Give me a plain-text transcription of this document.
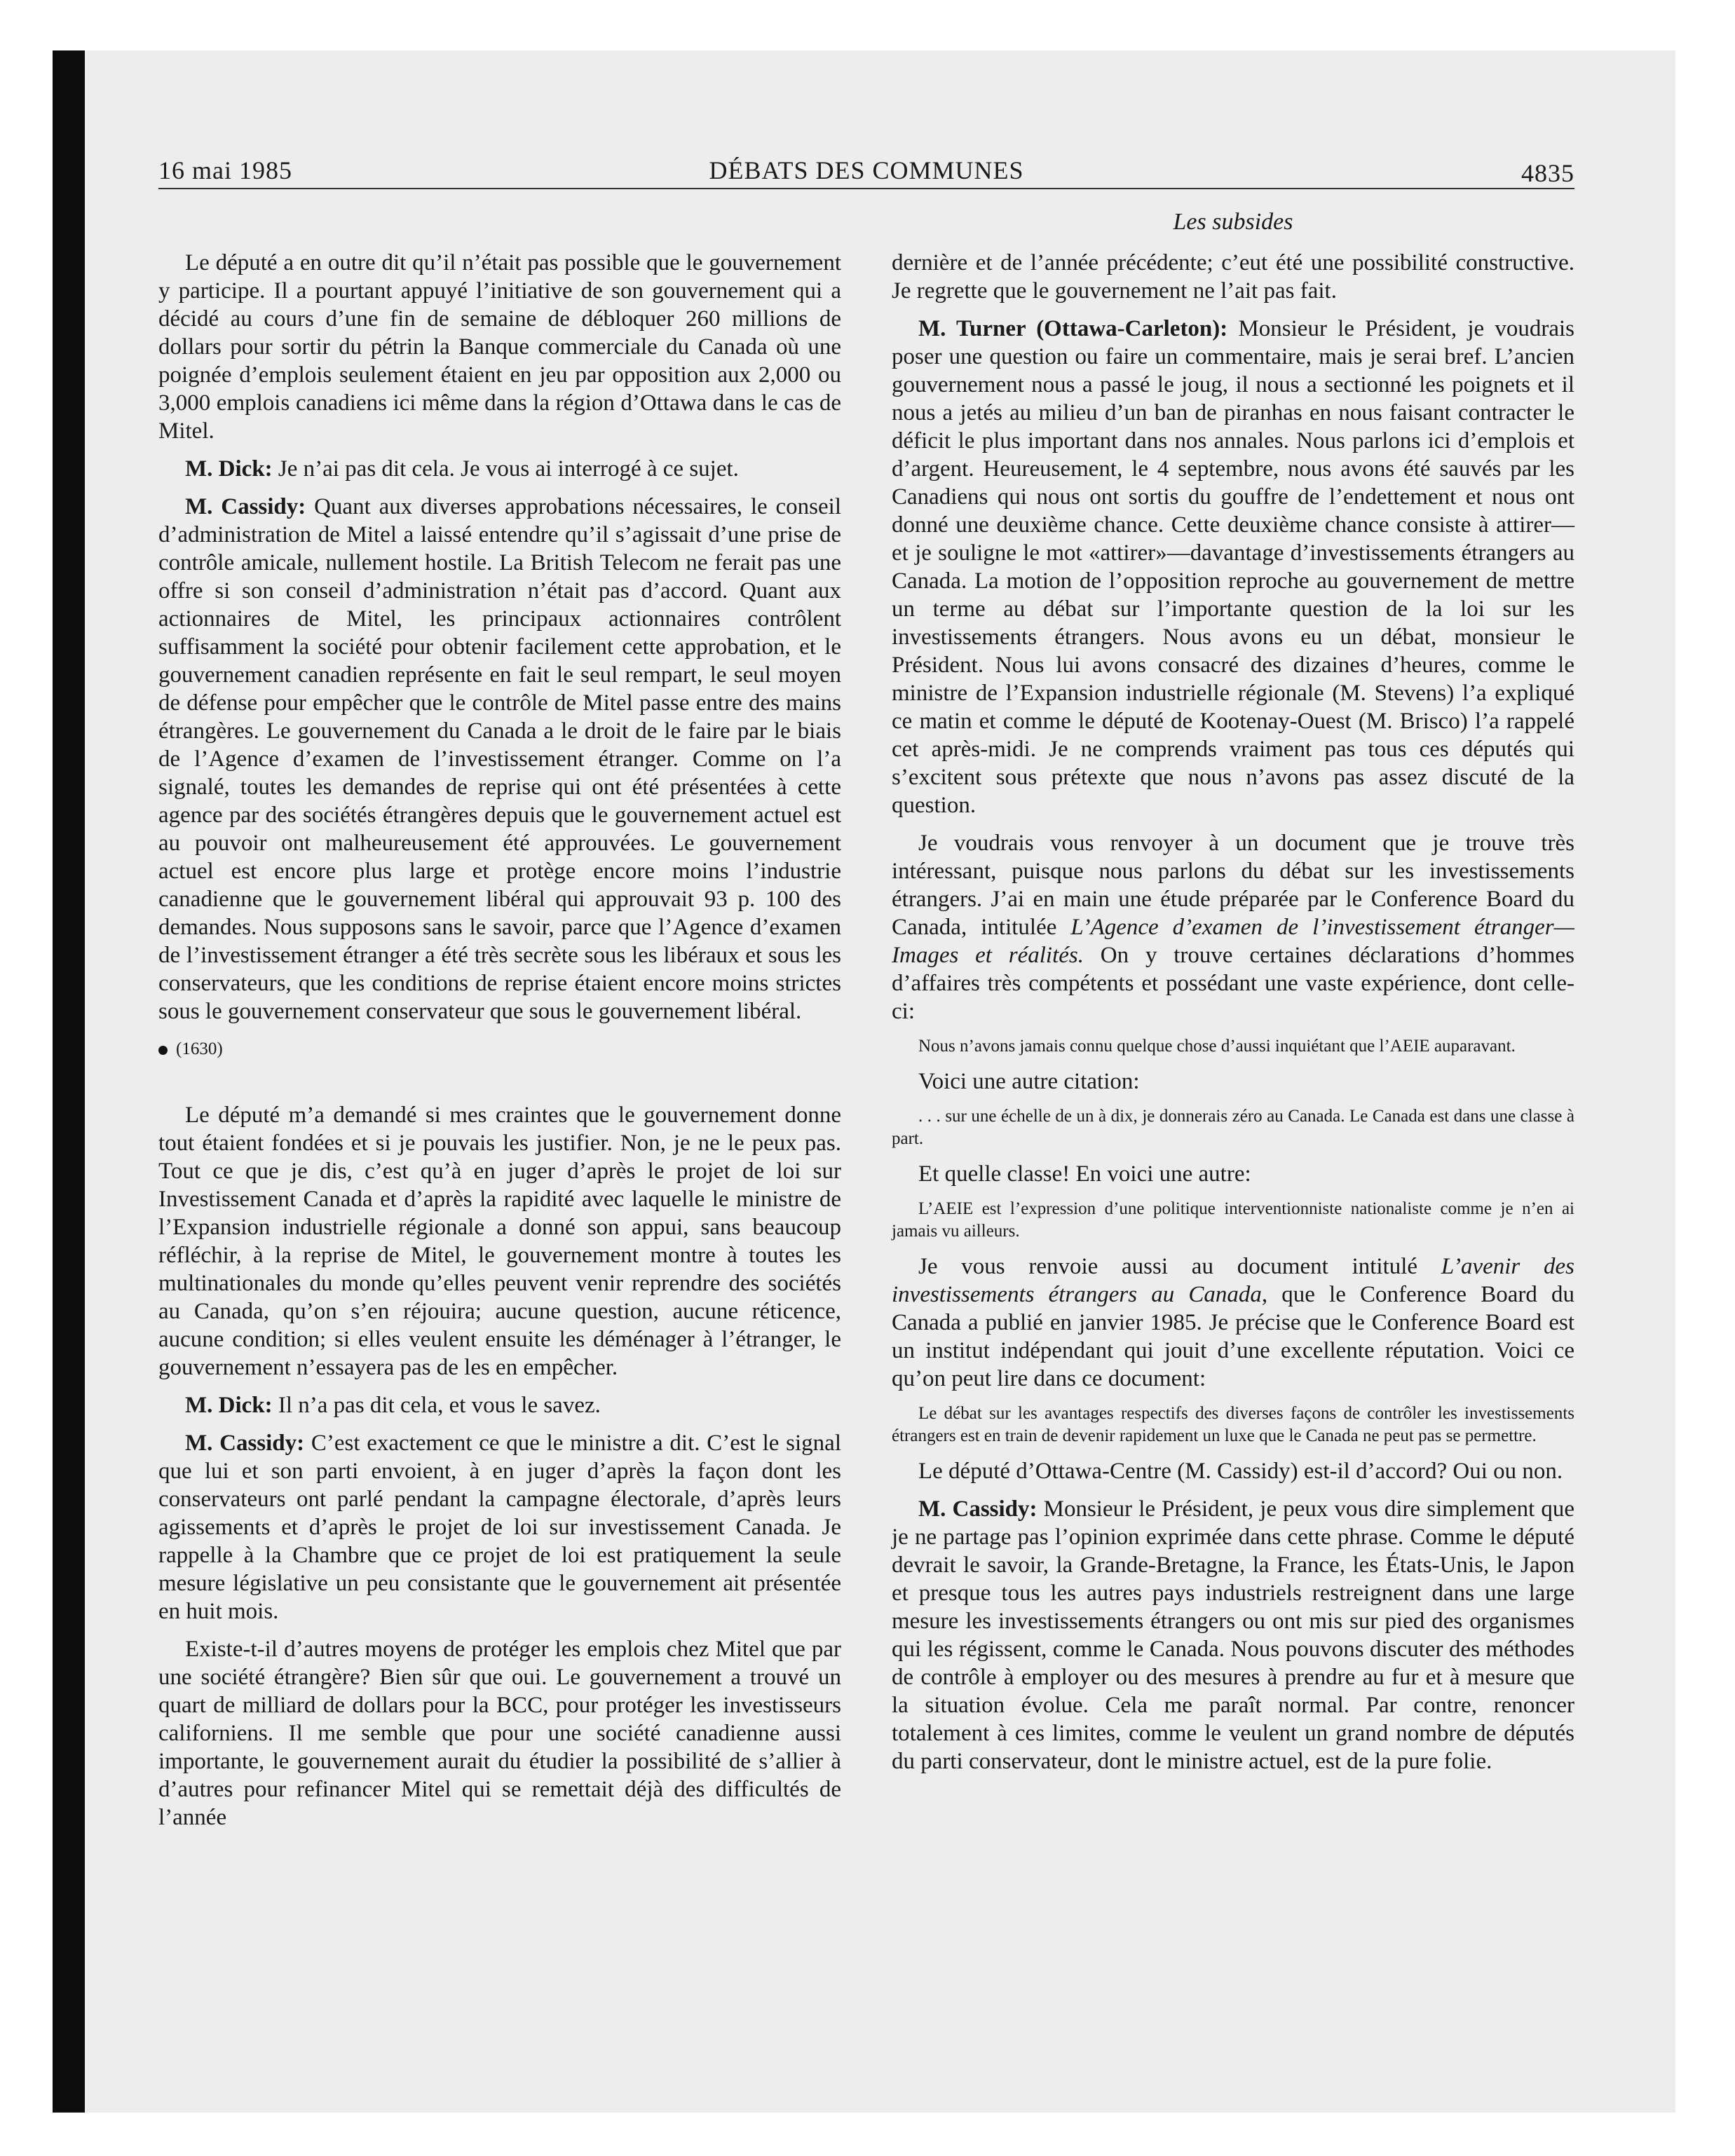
16 mai 1985	DÉBATS DES COMMUNES	4835
Les subsides

Le député a en outre dit qu’il n’était pas possible que le gouvernement y participe. Il a pourtant appuyé l’initiative de son gouvernement qui a décidé au cours d’une fin de semaine de débloquer 260 millions de dollars pour sortir du pétrin la Banque commerciale du Canada où une poignée d’emplois seulement étaient en jeu par opposition aux 2,000 ou 3,000 emplois canadiens ici même dans la région d’Ottawa dans le cas de Mitel.

M. Dick: Je n’ai pas dit cela. Je vous ai interrogé à ce sujet.

M. Cassidy: Quant aux diverses approbations nécessaires, le conseil d’administration de Mitel a laissé entendre qu’il s’agissait d’une prise de contrôle amicale, nullement hostile. La British Telecom ne ferait pas une offre si son conseil d’administration n’était pas d’accord. Quant aux actionnaires de Mitel, les principaux actionnaires contrôlent suffisamment la société pour obtenir facilement cette approbation, et le gouvernement canadien représente en fait le seul rempart, le seul moyen de défense pour empêcher que le contrôle de Mitel passe entre des mains étrangères. Le gouvernement du Canada a le droit de le faire par le biais de l’Agence d’examen de l’investissement étranger. Comme on l’a signalé, toutes les demandes de reprise qui ont été présentées à cette agence par des sociétés étrangères depuis que le gouvernement actuel est au pouvoir ont malheureusement été approuvées. Le gouvernement actuel est encore plus large et protège encore moins l’industrie canadienne que le gouvernement libéral qui approuvait 93 p. 100 des demandes. Nous supposons sans le savoir, parce que l’Agence d’examen de l’investissement étranger a été très secrète sous les libéraux et sous les conservateurs, que les conditions de reprise étaient encore moins strictes sous le gouvernement conservateur que sous le gouvernement libéral.

(1630)

Le député m’a demandé si mes craintes que le gouvernement donne tout étaient fondées et si je pouvais les justifier. Non, je ne le peux pas. Tout ce que je dis, c’est qu’à en juger d’après le projet de loi sur Investissement Canada et d’après la rapidité avec laquelle le ministre de l’Expansion industrielle régionale a donné son appui, sans beaucoup réfléchir, à la reprise de Mitel, le gouvernement montre à toutes les multinationales du monde qu’elles peuvent venir reprendre des sociétés au Canada, qu’on s’en réjouira; aucune question, aucune réticence, aucune condition; si elles veulent ensuite les déménager à l’étranger, le gouvernement n’essayera pas de les en empêcher.

M. Dick: Il n’a pas dit cela, et vous le savez.

M. Cassidy: C’est exactement ce que le ministre a dit. C’est le signal que lui et son parti envoient, à en juger d’après la façon dont les conservateurs ont parlé pendant la campagne électorale, d’après leurs agissements et d’après le projet de loi sur investissement Canada. Je rappelle à la Chambre que ce projet de loi est pratiquement la seule mesure législative un peu consistante que le gouvernement ait présentée en huit mois.

Existe-t-il d’autres moyens de protéger les emplois chez Mitel que par une société étrangère? Bien sûr que oui. Le gouvernement a trouvé un quart de milliard de dollars pour la BCC, pour protéger les investisseurs californiens. Il me semble que pour une société canadienne aussi importante, le gouvernement aurait du étudier la possibilité de s’allier à d’autres pour refinancer Mitel qui se remettait déjà des difficultés de l’année

dernière et de l’année précédente; c’eut été une possibilité constructive. Je regrette que le gouvernement ne l’ait pas fait.

M. Turner (Ottawa-Carleton): Monsieur le Président, je voudrais poser une question ou faire un commentaire, mais je serai bref. L’ancien gouvernement nous a passé le joug, il nous a sectionné les poignets et il nous a jetés au milieu d’un ban de piranhas en nous faisant contracter le déficit le plus important dans nos annales. Nous parlons ici d’emplois et d’argent. Heureusement, le 4 septembre, nous avons été sauvés par les Canadiens qui nous ont sortis du gouffre de l’endettement et nous ont donné une deuxième chance. Cette deuxième chance consiste à attirer—et je souligne le mot «attirer»—davantage d’investissements étrangers au Canada. La motion de l’opposition reproche au gouvernement de mettre un terme au débat sur l’importante question de la loi sur les investissements étrangers. Nous avons eu un débat, monsieur le Président. Nous lui avons consacré des dizaines d’heures, comme le ministre de l’Expansion industrielle régionale (M. Stevens) l’a expliqué ce matin et comme le député de Kootenay-Ouest (M. Brisco) l’a rappelé cet après-midi. Je ne comprends vraiment pas tous ces députés qui s’excitent sous prétexte que nous n’avons pas assez discuté de la question.

Je voudrais vous renvoyer à un document que je trouve très intéressant, puisque nous parlons du débat sur les investissements étrangers. J’ai en main une étude préparée par le Conference Board du Canada, intitulée L’Agence d’examen de l’investissement étranger—Images et réalités. On y trouve certaines déclarations d’hommes d’affaires très compétents et possédant une vaste expérience, dont celle-ci:

Nous n’avons jamais connu quelque chose d’aussi inquiétant que l’AEIE auparavant.

Voici une autre citation:

. . . sur une échelle de un à dix, je donnerais zéro au Canada. Le Canada est dans une classe à part.

Et quelle classe! En voici une autre:

L’AEIE est l’expression d’une politique interventionniste nationaliste comme je n’en ai jamais vu ailleurs.

Je vous renvoie aussi au document intitulé L’avenir des investissements étrangers au Canada, que le Conference Board du Canada a publié en janvier 1985. Je précise que le Conference Board est un institut indépendant qui jouit d’une excellente réputation. Voici ce qu’on peut lire dans ce document:

Le débat sur les avantages respectifs des diverses façons de contrôler les investissements étrangers est en train de devenir rapidement un luxe que le Canada ne peut pas se permettre.

Le député d’Ottawa-Centre (M. Cassidy) est-il d’accord? Oui ou non.

M. Cassidy: Monsieur le Président, je peux vous dire simplement que je ne partage pas l’opinion exprimée dans cette phrase. Comme le député devrait le savoir, la Grande-Bretagne, la France, les États-Unis, le Japon et presque tous les autres pays industriels restreignent dans une large mesure les investissements étrangers ou ont mis sur pied des organismes qui les régissent, comme le Canada. Nous pouvons discuter des méthodes de contrôle à employer ou des mesures à prendre au fur et à mesure que la situation évolue. Cela me paraît normal. Par contre, renoncer totalement à ces limites, comme le veulent un grand nombre de députés du parti conservateur, dont le ministre actuel, est de la pure folie.
